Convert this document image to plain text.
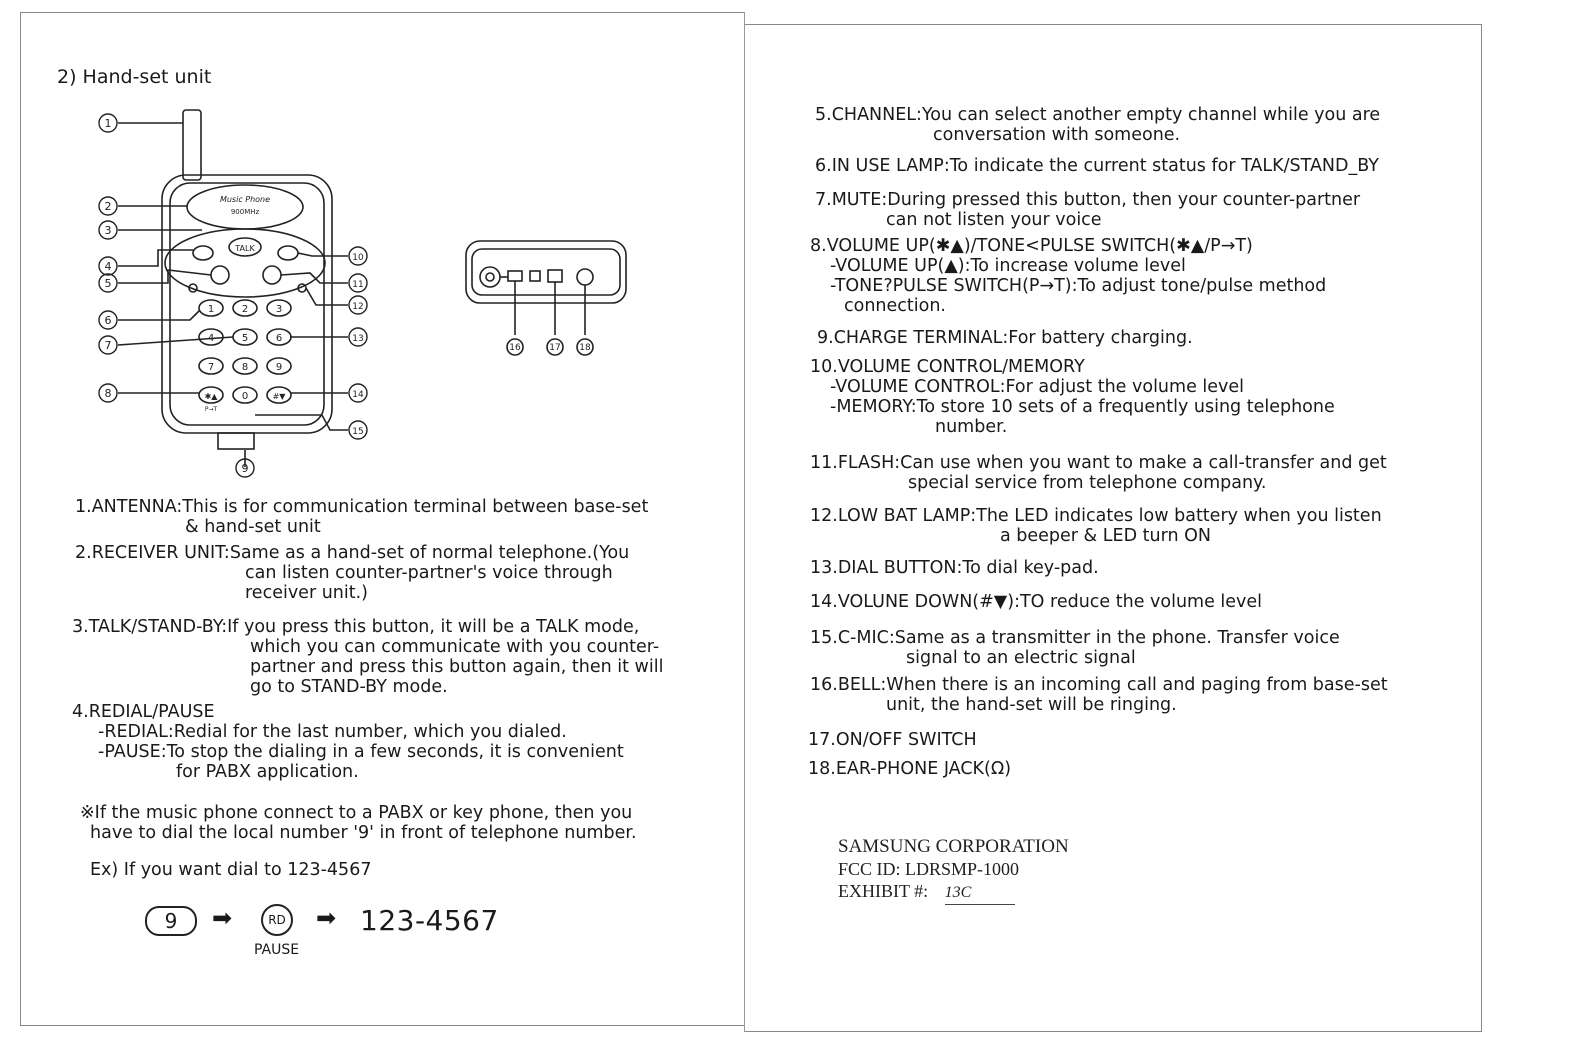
2) Hand-set unit
Music Phone
900MHz
TALK
1	2	3
4	5	6
7	8	9
✱▲ 0	#▼
P→T
1
2
3
4
5
6
7
8
9
10
11
12
13
14
15
16	17 18
1.ANTENNA:This is for communication terminal between base-set
& hand-set unit
2.RECEIVER UNIT:Same as a hand-set of normal telephone.(You
can listen counter-partner's voice through
receiver unit.)
3.TALK/STAND-BY:If you press this button, it will be a TALK mode,
which you can communicate with you counter-
partner and press this button again, then it will
go to STAND-BY mode.
4.REDIAL/PAUSE
-REDIAL:Redial for the last number, which you dialed.
-PAUSE:To stop the dialing in a few seconds, it is convenient
for PABX application.
※If the music phone connect to a PABX or key phone, then you
have to dial the local number '9' in front of telephone number.
Ex) If you want dial to 123-4567
9	➡	RD
PAUSE
➡ 123-4567
5.CHANNEL:You can select another empty channel while you are
conversation with someone.
6.IN USE LAMP:To indicate the current status for TALK/STAND_BY
7.MUTE:During pressed this button, then your counter-partner
can not listen your voice
8.VOLUME UP(✱▲)/TONE<PULSE SWITCH(✱▲/P→T)
-VOLUME UP(▲):To increase volume level
-TONE?PULSE SWITCH(P→T):To adjust tone/pulse method
connection.
9.CHARGE TERMINAL:For battery charging.
10.VOLUME CONTROL/MEMORY
-VOLUME CONTROL:For adjust the volume level
-MEMORY:To store 10 sets of a frequently using telephone
number.
11.FLASH:Can use when you want to make a call-transfer and get
special service from telephone company.
12.LOW BAT LAMP:The LED indicates low battery when you listen
a beeper & LED turn ON
13.DIAL BUTTON:To dial key-pad.
14.VOLUNE DOWN(#▼):TO reduce the volume level
15.C-MIC:Same as a transmitter in the phone. Transfer voice
signal to an electric signal
16.BELL:When there is an incoming call and paging from base-set
unit, the hand-set will be ringing.
17.ON/OFF SWITCH
18.EAR-PHONE JACK(Ω)
SAMSUNG CORPORATION
FCC ID: LDRSMP-1000
EXHIBIT #: 13C
